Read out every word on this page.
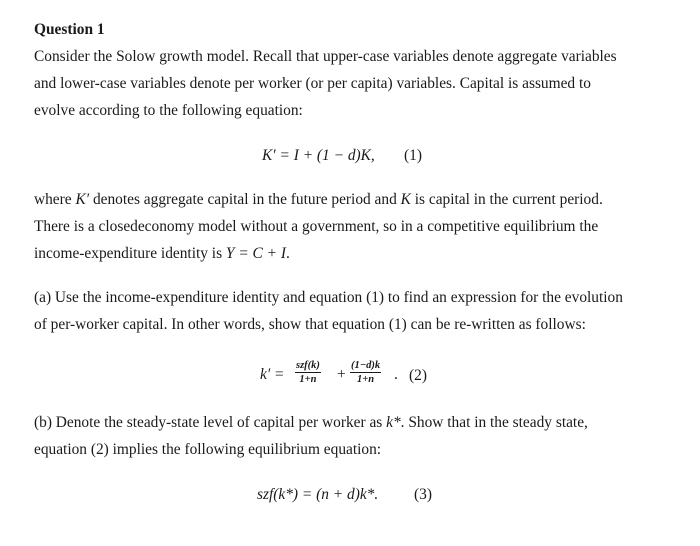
Question 1
Consider the Solow growth model. Recall that upper-case variables denote aggregate variables
and lower-case variables denote per worker (or per capita) variables. Capital is assumed to
evolve according to the following equation:
K′ = I + (1 − d)K, (1)
where K′ denotes aggregate capital in the future period and K is capital in the current period.
There is a closedeconomy model without a government, so in a competitive equilibrium the
income-expenditure identity is Y = C + I.
(a) Use the income-expenditure identity and equation (1) to find an expression for the evolution
of per-worker capital. In other words, show that equation (1) can be re-written as follows:
k′ =
szf(k)
$1+n + \frac{(1-d)k}{1+n}$ . (2)
(b) Denote the steady-state level of capital per worker as k*. Show that in the steady state,
equation (2) implies the following equilibrium equation:
szf(k*) = (n + d)k*. (3)
